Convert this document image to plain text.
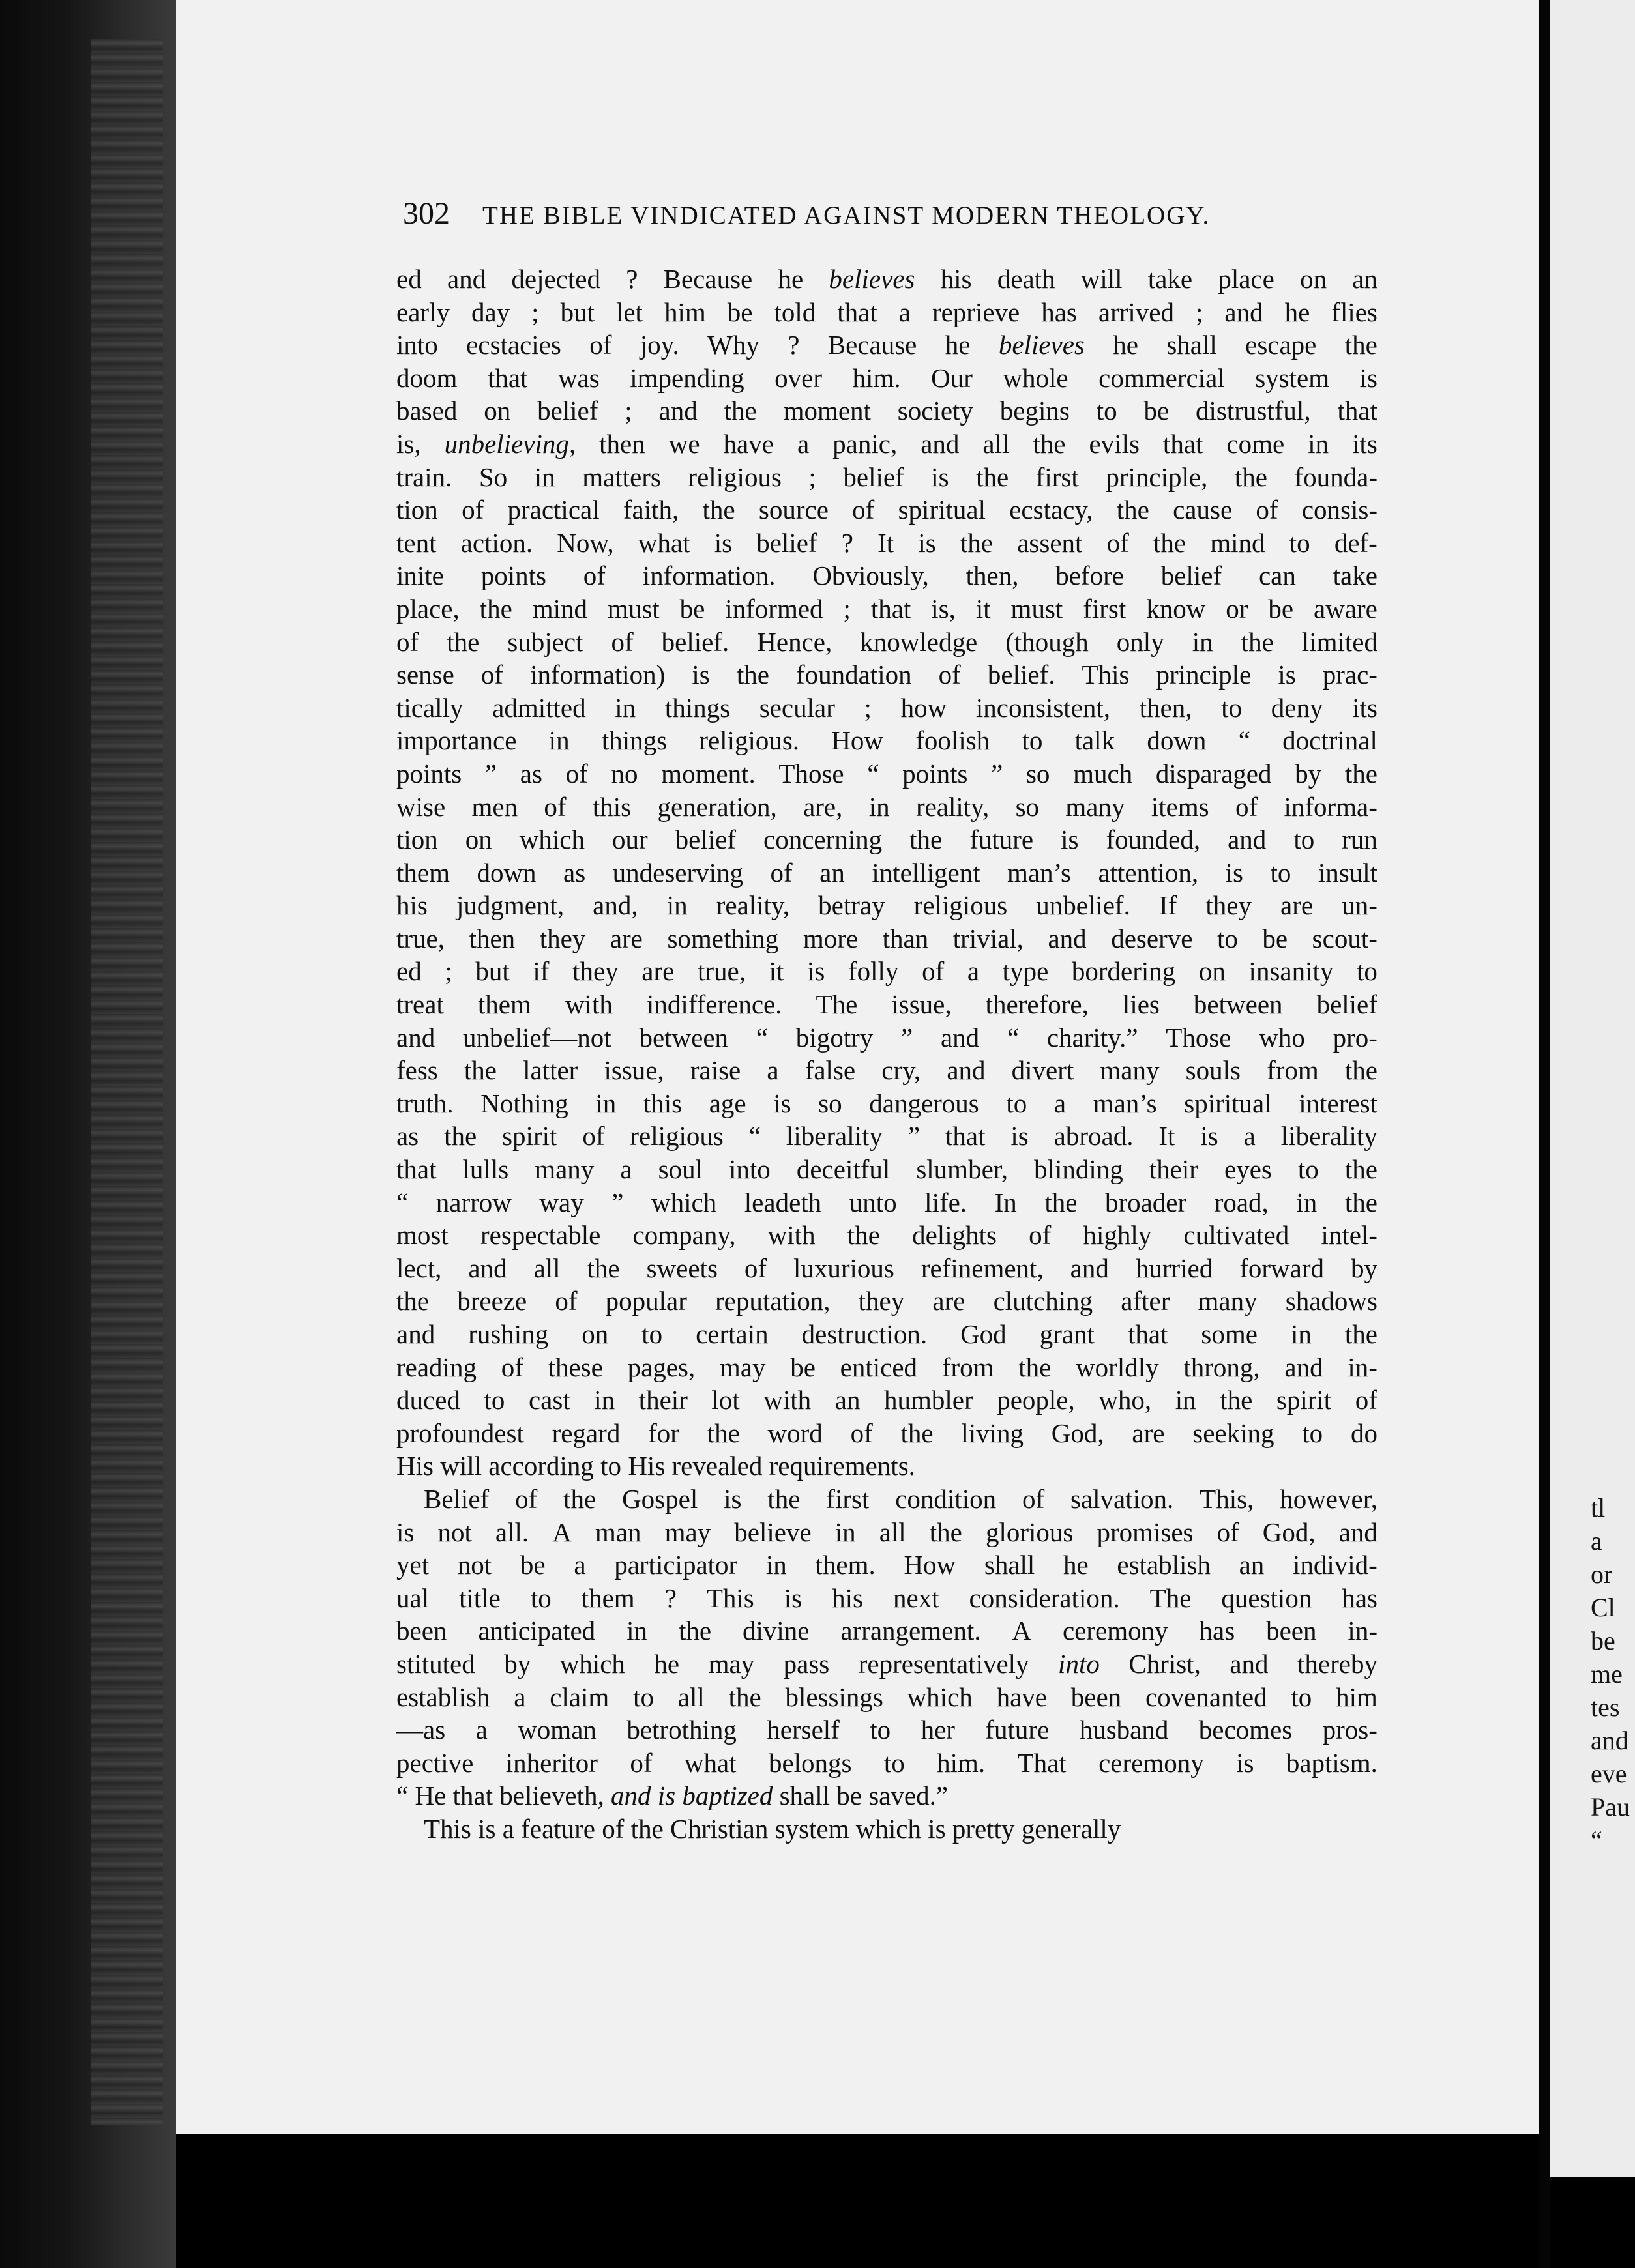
tl
a
or
Cl
be
me
tes
and
eve
Pau
“
302 THE BIBLE VINDICATED AGAINST MODERN THEOLOGY.
ed and dejected ? Because he believes his death will take place on an
early day ; but let him be told that a reprieve has arrived ; and he flies
into ecstacies of joy. Why ? Because he believes he shall escape the
doom that was impending over him. Our whole commercial system is
based on belief ; and the moment society begins to be distrustful, that
is, unbelieving, then we have a panic, and all the evils that come in its
train. So in matters religious ; belief is the first principle, the founda-
tion of practical faith, the source of spiritual ecstacy, the cause of consis-
tent action. Now, what is belief ? It is the assent of the mind to def-
inite points of information. Obviously, then, before belief can take
place, the mind must be informed ; that is, it must first know or be aware
of the subject of belief. Hence, knowledge (though only in the limited
sense of information) is the foundation of belief. This principle is prac-
tically admitted in things secular ; how inconsistent, then, to deny its
importance in things religious. How foolish to talk down “ doctrinal
points ” as of no moment. Those “ points ” so much disparaged by the
wise men of this generation, are, in reality, so many items of informa-
tion on which our belief concerning the future is founded, and to run
them down as undeserving of an intelligent man’s attention, is to insult
his judgment, and, in reality, betray religious unbelief. If they are un-
true, then they are something more than trivial, and deserve to be scout-
ed ; but if they are true, it is folly of a type bordering on insanity to
treat them with indifference. The issue, therefore, lies between belief
and unbelief—not between “ bigotry ” and “ charity.” Those who pro-
fess the latter issue, raise a false cry, and divert many souls from the
truth. Nothing in this age is so dangerous to a man’s spiritual interest
as the spirit of religious “ liberality ” that is abroad. It is a liberality
that lulls many a soul into deceitful slumber, blinding their eyes to the
“ narrow way ” which leadeth unto life. In the broader road, in the
most respectable company, with the delights of highly cultivated intel-
lect, and all the sweets of luxurious refinement, and hurried forward by
the breeze of popular reputation, they are clutching after many shadows
and rushing on to certain destruction. God grant that some in the
reading of these pages, may be enticed from the worldly throng, and in-
duced to cast in their lot with an humbler people, who, in the spirit of
profoundest regard for the word of the living God, are seeking to do
His will according to His revealed requirements.
Belief of the Gospel is the first condition of salvation. This, however,
is not all. A man may believe in all the glorious promises of God, and
yet not be a participator in them. How shall he establish an individ-
ual title to them ? This is his next consideration. The question has
been anticipated in the divine arrangement. A ceremony has been in-
stituted by which he may pass representatively into Christ, and thereby
establish a claim to all the blessings which have been covenanted to him
—as a woman betrothing herself to her future husband becomes pros-
pective inheritor of what belongs to him. That ceremony is baptism.
“ He that believeth, and is baptized shall be saved.”
This is a feature of the Christian system which is pretty generally
